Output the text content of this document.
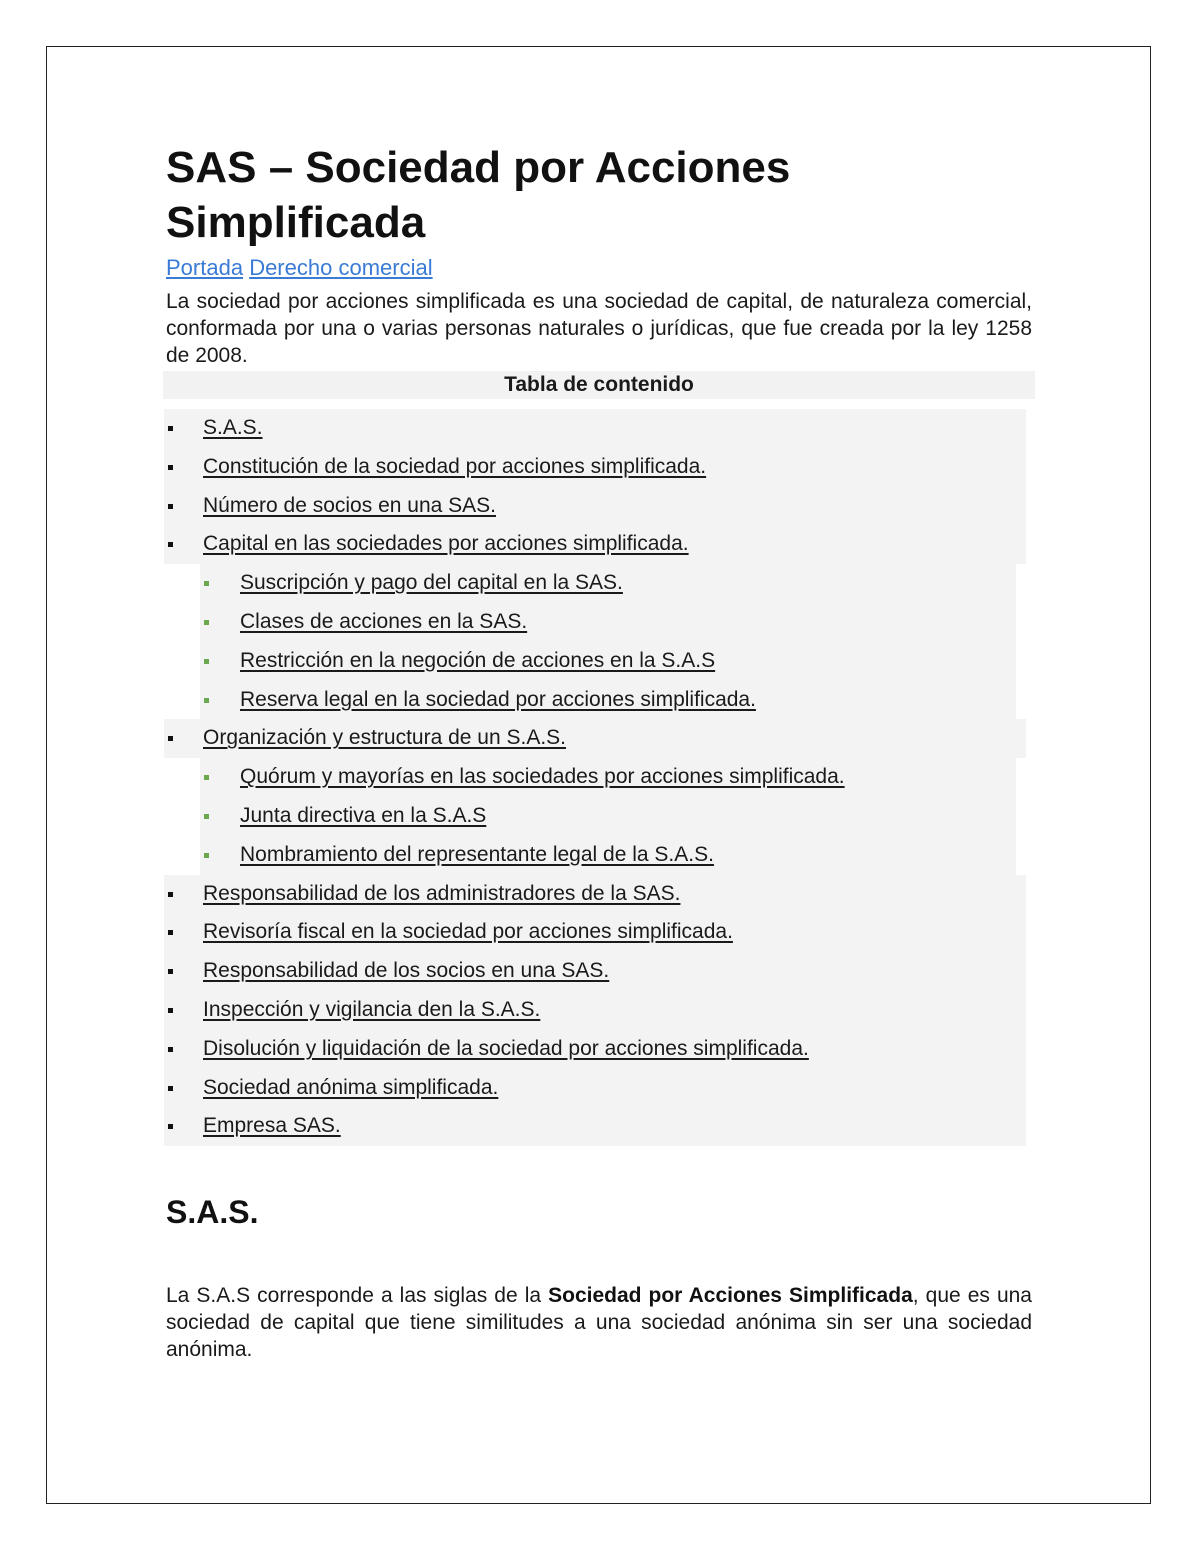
SAS – Sociedad por Acciones Simplificada
Portada Derecho comercial

La sociedad por acciones simplificada es una sociedad de capital, de naturaleza comercial, conformada por una o varias personas naturales o jurídicas, que fue creada por la ley 1258 de 2008.

Tabla de contenido
S.A.S.
Constitución de la sociedad por acciones simplificada.
Número de socios en una SAS.
Capital en las sociedades por acciones simplificada.
Suscripción y pago del capital en la SAS.
Clases de acciones en la SAS.
Restricción en la negoción de acciones en la S.A.S
Reserva legal en la sociedad por acciones simplificada.
Organización y estructura de un S.A.S.
Quórum y mayorías en las sociedades por acciones simplificada.
Junta directiva en la S.A.S
Nombramiento del representante legal de la S.A.S.
Responsabilidad de los administradores de la SAS.
Revisoría fiscal en la sociedad por acciones simplificada.
Responsabilidad de los socios en una SAS.
Inspección y vigilancia den la S.A.S.
Disolución y liquidación de la sociedad por acciones simplificada.
Sociedad anónima simplificada.
Empresa SAS.
S.A.S.

La S.A.S corresponde a las siglas de la Sociedad por Acciones Simplificada, que es una sociedad de capital que tiene similitudes a una sociedad anónima sin ser una sociedad anónima.
